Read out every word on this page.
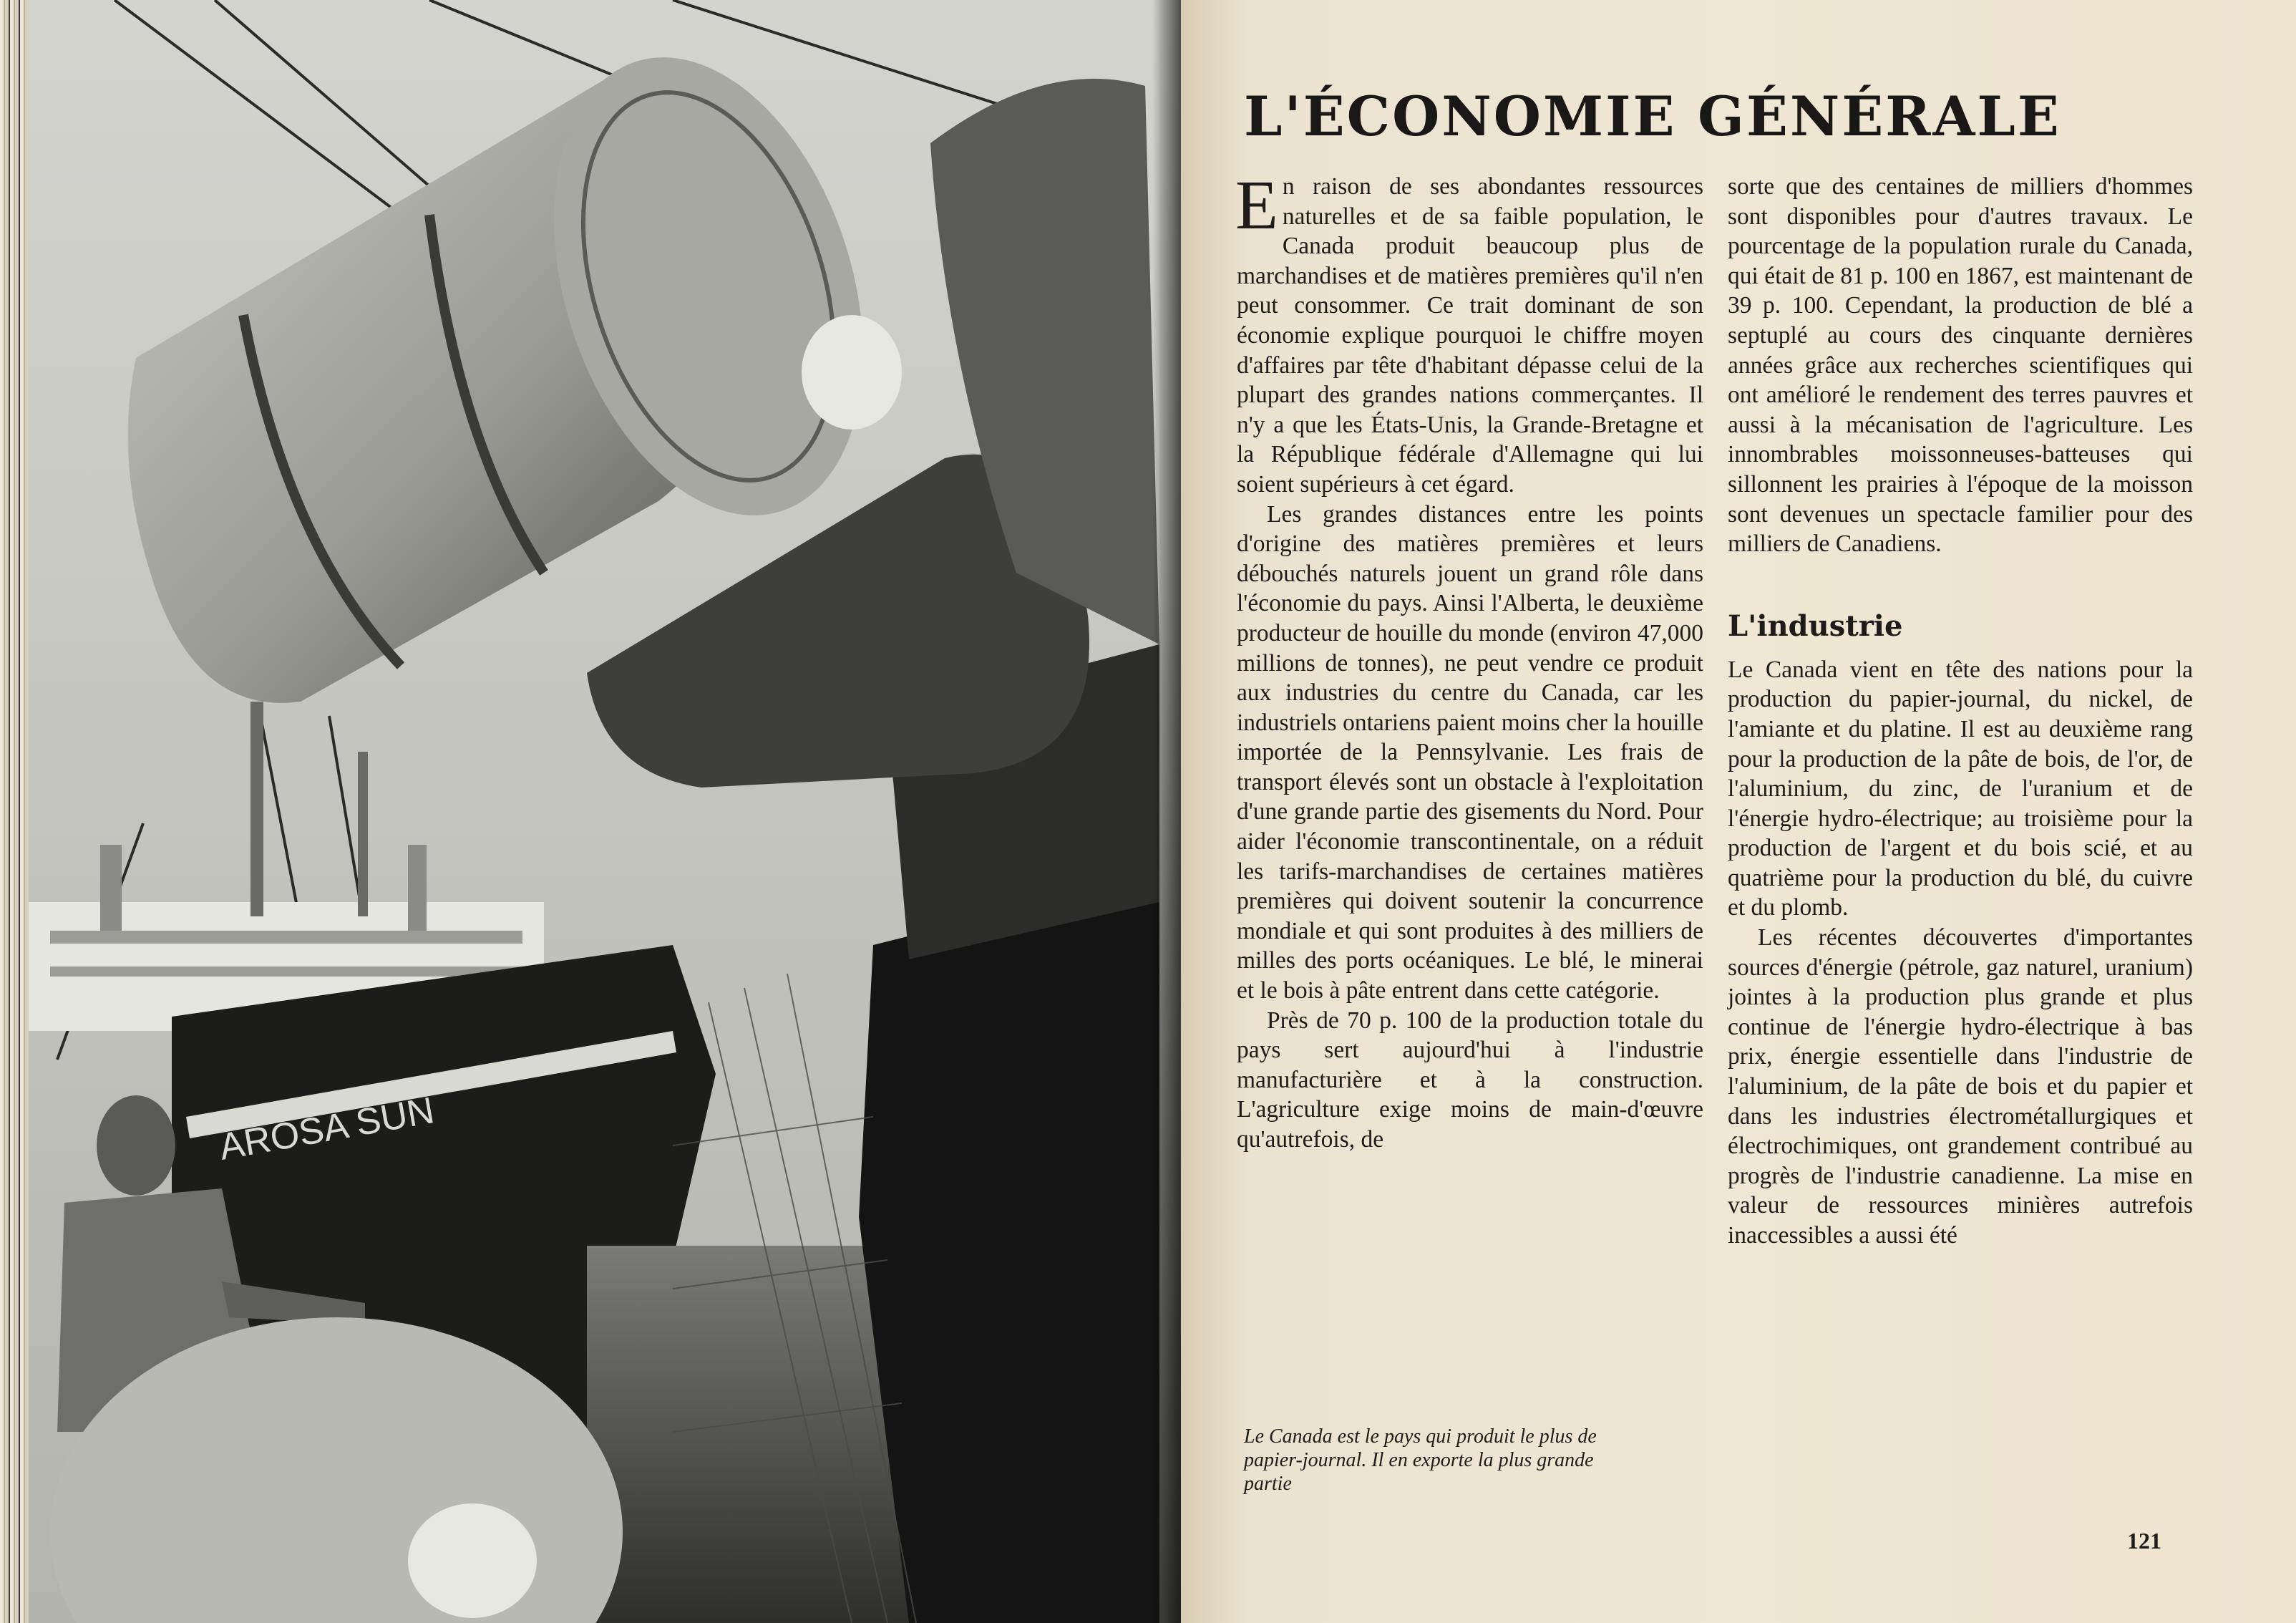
AROSA SUN
L'ÉCONOMIE GÉNÉRALE

En raison de ses abondantes ressources naturelles et de sa faible population, le Canada produit beaucoup plus de marchandises et de matières premières qu'il n'en peut consommer. Ce trait dominant de son économie explique pourquoi le chiffre moyen d'affaires par tête d'habitant dépasse celui de la plupart des grandes nations commerçantes. Il n'y a que les États-Unis, la Grande-Bretagne et la République fédérale d'Allemagne qui lui soient supérieurs à cet égard.

Les grandes distances entre les points d'origine des matières premières et leurs débouchés naturels jouent un grand rôle dans l'économie du pays. Ainsi l'Alberta, le deuxième producteur de houille du monde (environ 47,000 millions de tonnes), ne peut vendre ce produit aux industries du centre du Canada, car les industriels ontariens paient moins cher la houille importée de la Pennsylvanie. Les frais de transport élevés sont un obstacle à l'exploitation d'une grande partie des gisements du Nord. Pour aider l'économie transcontinentale, on a réduit les tarifs-marchandises de certaines matières premières qui doivent soutenir la concurrence mondiale et qui sont produites à des milliers de milles des ports océaniques. Le blé, le minerai et le bois à pâte entrent dans cette catégorie.

Près de 70 p. 100 de la production totale du pays sert aujourd'hui à l'industrie manufacturière et à la construction. L'agriculture exige moins de main-d'œuvre qu'autrefois, de

sorte que des centaines de milliers d'hommes sont disponibles pour d'autres travaux. Le pourcentage de la population rurale du Canada, qui était de 81 p. 100 en 1867, est maintenant de 39 p. 100. Cependant, la production de blé a septuplé au cours des cinquante dernières années grâce aux recherches scientifiques qui ont amélioré le rendement des terres pauvres et aussi à la mécanisation de l'agriculture. Les innombrables moissonneuses-batteuses qui sillonnent les prairies à l'époque de la moisson sont devenues un spectacle familier pour des milliers de Canadiens.

L'industrie

Le Canada vient en tête des nations pour la production du papier-journal, du nickel, de l'amiante et du platine. Il est au deuxième rang pour la production de la pâte de bois, de l'or, de l'aluminium, du zinc, de l'uranium et de l'énergie hydro-électrique; au troisième pour la production de l'argent et du bois scié, et au quatrième pour la production du blé, du cuivre et du plomb.

Les récentes découvertes d'importantes sources d'énergie (pétrole, gaz naturel, uranium) jointes à la production plus grande et plus continue de l'énergie hydro-électrique à bas prix, énergie essentielle dans l'industrie de l'aluminium, de la pâte de bois et du papier et dans les industries électrométallurgiques et électrochimiques, ont grandement contribué au progrès de l'industrie canadienne. La mise en valeur de ressources minières autrefois inaccessibles a aussi été

Le Canada est le pays qui produit le plus de papier-journal. Il en exporte la plus grande partie
121
